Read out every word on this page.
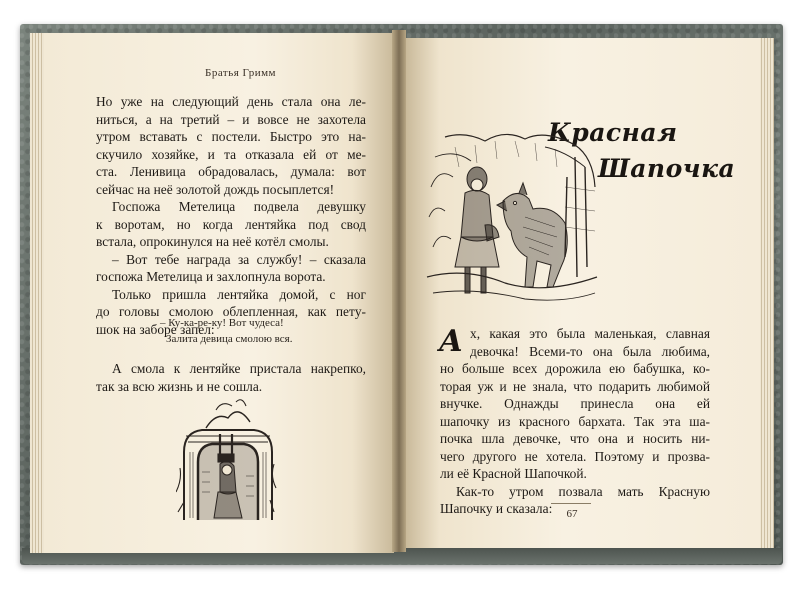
Братья Гримм

Но уже на следующий день стала она ле-

ниться, а на третий – и вовсе не захотела

утром вставать с постели. Быстро это на-

скучило хозяйке, и та отказала ей от ме-

ста. Ленивица обрадовалась, думала: вот

сейчас на неё золотой дождь посыплется!

Госпожа Метелица подвела девушку

к воротам, но когда лентяйка под свод

встала, опрокинулся на неё котёл смолы.

– Вот тебе награда за службу! – сказала

госпожа Метелица и захлопнула ворота.

Только пришла лентяйка домой, с ног

до головы смолою облепленная, как петy-

шок на заборе запел:

– Ку-ка-ре-ку! Вот чудеса!
Залита девица смолою вся.

А смола к лентяйке пристала накрепко,

так за всю жизнь и не сошла.

Красная
Шапочка
А х, какая это была маленькая, славная

девочка! Всеми-то она была любима,

но больше всех дорожила ею бабушка, ко-

торая уж и не знала, что подарить любимой

внучке. Однажды принесла она ей

шапочку из красного бархата. Так эта ша-

почка шла девочке, что она и носить ни-

чего другого не хотела. Поэтому и прозва-

ли её Красной Шапочкой.

Как-то утром позвала мать Красную

Шапочку и сказала:	67
